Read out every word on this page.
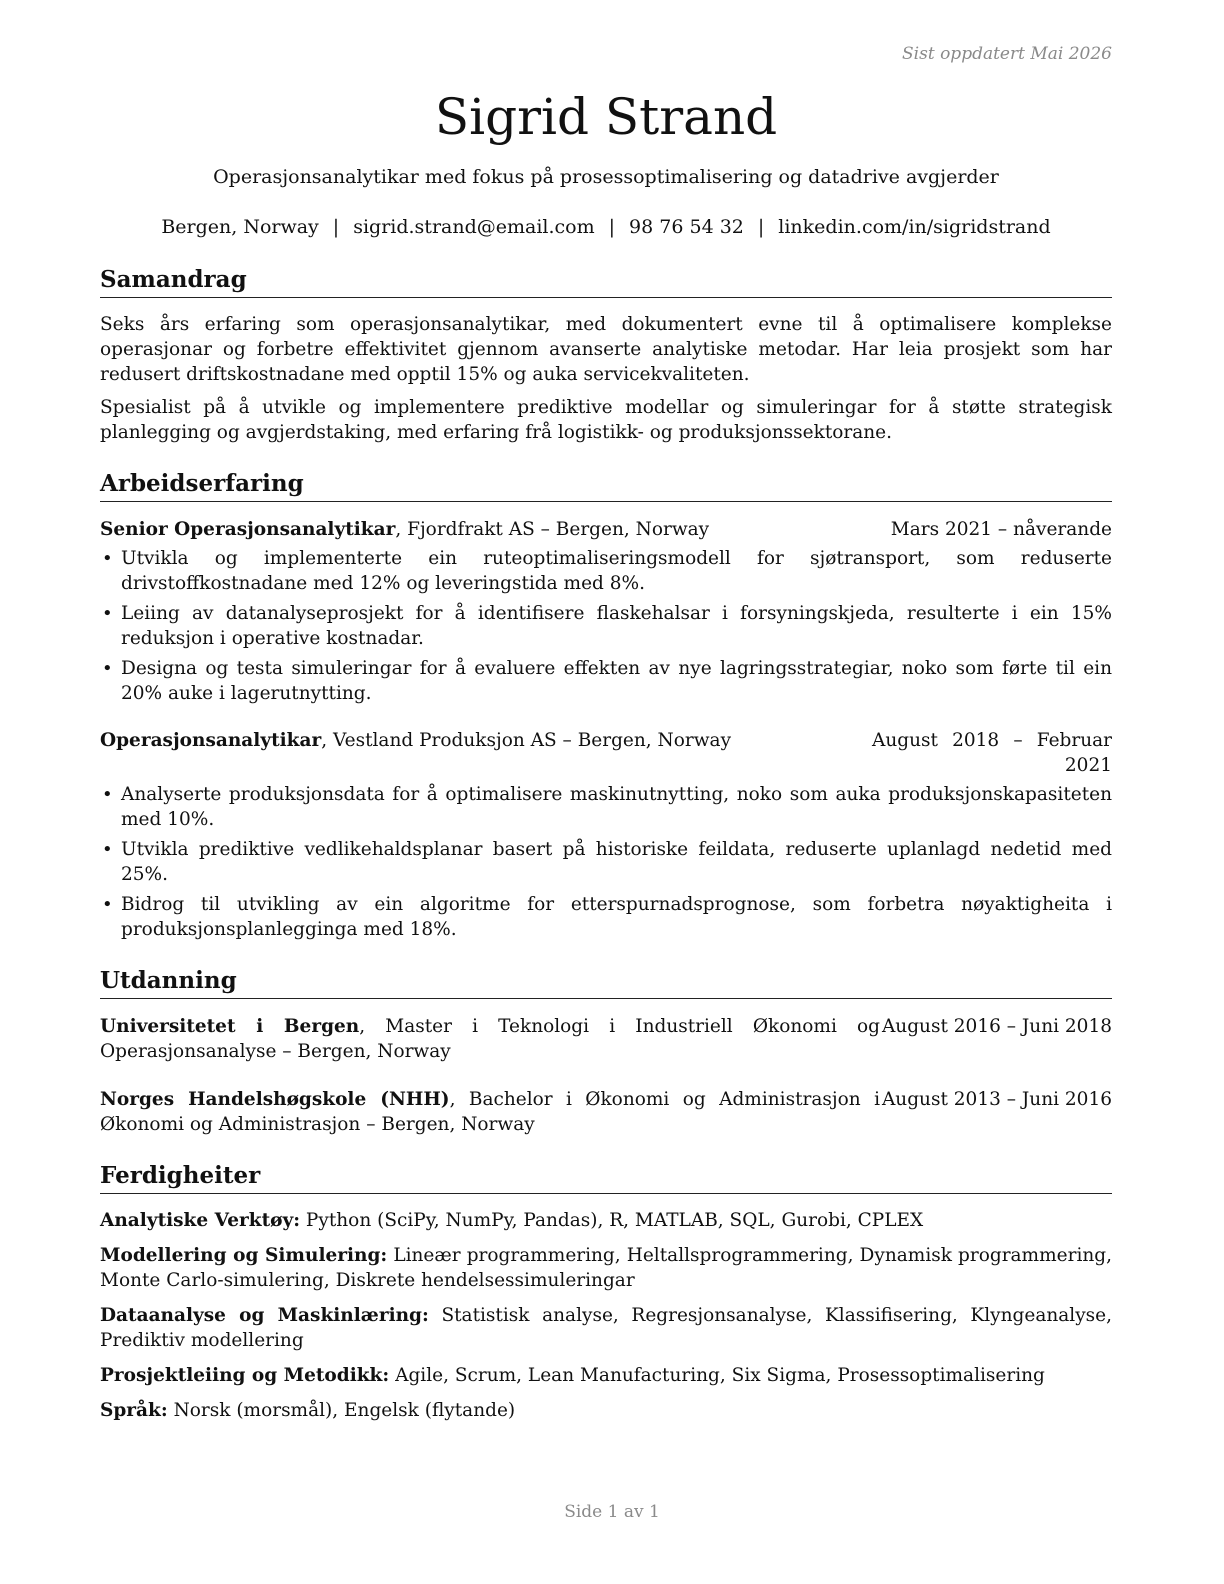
Sist oppdatert Mai 2026
Sigrid Strand
Operasjonsanalytikar med fokus på prosessoptimalisering og datadrive avgjerder
Bergen, Norway | sigrid.strand@email.com | 98 76 54 32 | linkedin.com/in/sigridstrand
Samandrag

Seks års erfaring som operasjonsanalytikar, med dokumentert evne til å optimalisere komplekse operasjonar og forbetre effektivitet gjennom avanserte analytiske metodar. Har leia prosjekt som har redusert driftskostnadane med opptil 15% og auka servicekvaliteten.

Spesialist på å utvikle og implementere prediktive modellar og simuleringar for å støtte strategisk planlegging og avgjerdstaking, med erfaring frå logistikk- og produksjonssektorane.

Arbeidserfaring
Senior Operasjonsanalytikar, Fjordfrakt AS – Bergen, Norway	Mars 2021 – nåverande
• Utvikla og implementerte ein ruteoptimaliseringsmodell for sjøtransport, som reduserte drivstoffkostnadane med 12% og leveringstida med 8%.
• Leiing av datanalyseprosjekt for å identifisere flaskehalsar i forsyningskjeda, resulterte i ein 15% reduksjon i operative kostnadar.
• Designa og testa simuleringar for å evaluere effekten av nye lagringsstrategiar, noko som førte til ein 20% auke i lagerutnytting.
Operasjonsanalytikar, Vestland Produksjon AS – Bergen, Norway	August 2018 – Februar 2021
• Analyserte produksjonsdata for å optimalisere maskinutnytting, noko som auka produksjonskapasiteten med 10%.
• Utvikla prediktive vedlikehaldsplanar basert på historiske feildata, reduserte uplanlagd nedetid med 25%.
• Bidrog til utvikling av ein algoritme for etterspurnadsprognose, som forbetra nøyaktigheita i produksjonsplanlegginga med 18%.
Utdanning
Universitetet i Bergen, Master i Teknologi i Industriell Økonomi og Operasjonsanalyse – Bergen, Norway
August 2016 – Juni 2018
Norges Handelshøgskole (NHH), Bachelor i Økonomi og Administrasjon i Økonomi og Administrasjon – Bergen, Norway
August 2013 – Juni 2016
Ferdigheiter
Analytiske Verktøy: Python (SciPy, NumPy, Pandas), R, MATLAB, SQL, Gurobi, CPLEX
Modellering og Simulering: Lineær programmering, Heltallsprogrammering, Dynamisk programmering, Monte Carlo-simulering, Diskrete hendelsessimuleringar
Dataanalyse og Maskinlæring: Statistisk analyse, Regresjonsanalyse, Klassifisering, Klyngeanalyse, Prediktiv modellering
Prosjektleiing og Metodikk: Agile, Scrum, Lean Manufacturing, Six Sigma, Prosessoptimalisering
Språk: Norsk (morsmål), Engelsk (flytande)
Side 1 av 1
